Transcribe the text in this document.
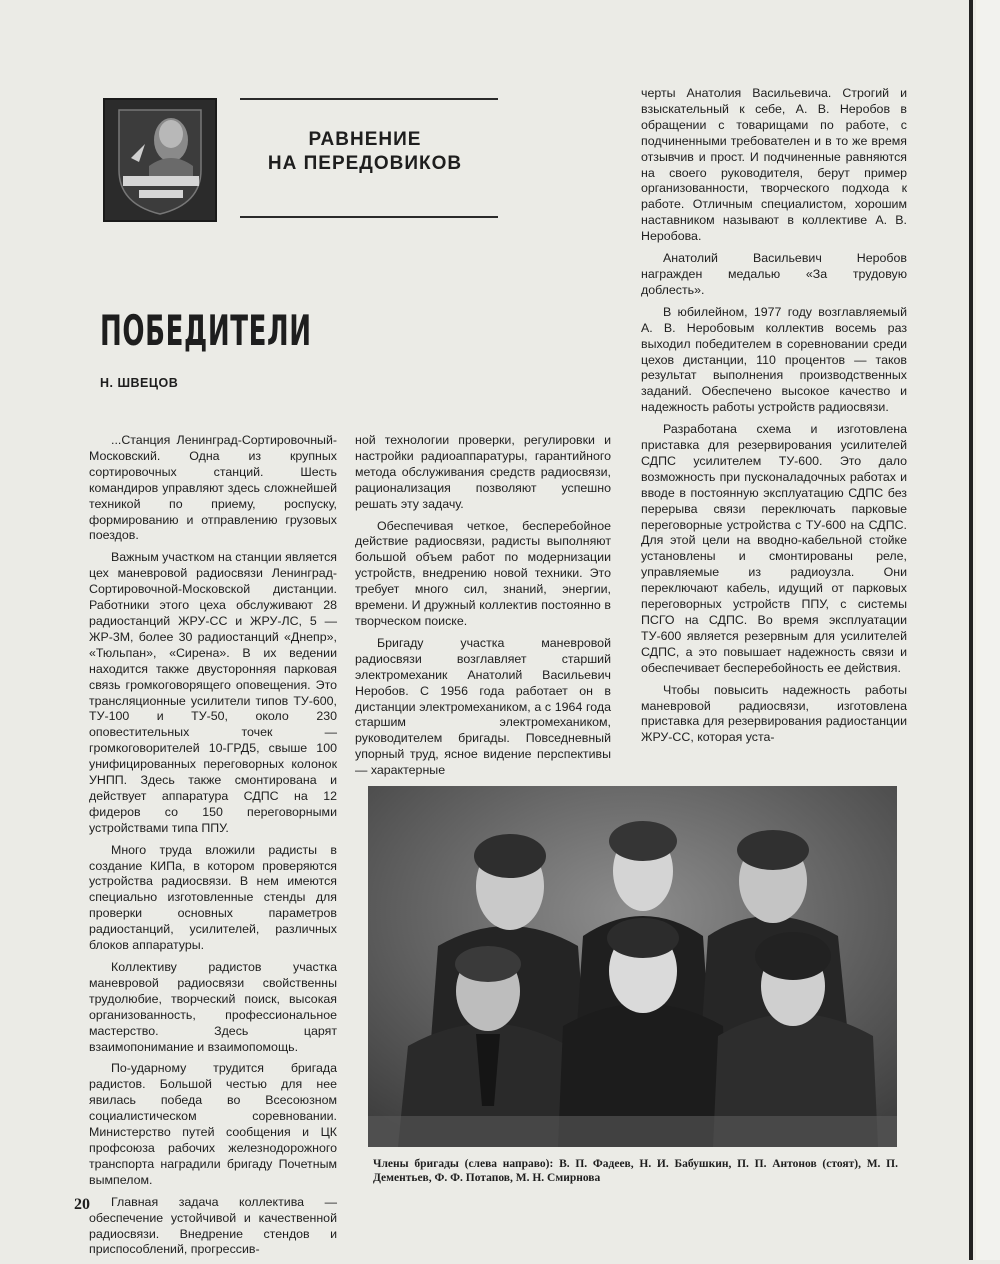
РАВНЕНИЕ
НА ПЕРЕДОВИКОВ
ПОБЕДИТЕЛИ
Н. ШВЕЦОВ

...Станция Ленинград-Сортировочный-Московский. Одна из крупных сортировочных станций. Шесть командиров управляют здесь сложнейшей техникой по приему, роспуску, формированию и отправлению грузовых поездов.

Важным участком на станции является цех маневровой радиосвязи Ленинград-Сортировочной-Московской дистанции. Работники этого цеха обслуживают 28 радиостанций ЖРУ-СС и ЖРУ-ЛС, 5 — ЖР-3М, более 30 радиостанций «Днепр», «Тюльпан», «Сирена». В их ведении находится также двусторонняя парковая связь громкоговорящего оповещения. Это трансляционные усилители типов ТУ-600, ТУ-100 и ТУ-50, около 230 оповестительных точек — громкоговорителей 10-ГРД5, свыше 100 унифицированных переговорных колонок УНПП. Здесь также смонтирована и действует аппаратура СДПС на 12 фидеров со 150 переговорными устройствами типа ППУ.

Много труда вложили радисты в создание КИПа, в котором проверяются устройства радиосвязи. В нем имеются специально изготовленные стенды для проверки основных параметров радиостанций, усилителей, различных блоков аппаратуры.

Коллективу радистов участка маневровой радиосвязи свойственны трудолюбие, творческий поиск, высокая организованность, профессиональное мастерство. Здесь царят взаимопонимание и взаимопомощь.

По-ударному трудится бригада радистов. Большой честью для нее явилась победа во Всесоюзном социалистическом соревновании. Министерство путей сообщения и ЦК профсоюза рабочих железнодорожного транспорта наградили бригаду Почетным вымпелом.

Главная задача коллектива — обеспечение устойчивой и качественной радиосвязи. Внедрение стендов и приспособлений, прогрессив-

ной технологии проверки, регулировки и настройки радиоаппаратуры, гарантийного метода обслуживания средств радиосвязи, рационализация позволяют успешно решать эту задачу.

Обеспечивая четкое, бесперебойное действие радиосвязи, радисты выполняют большой объем работ по модернизации устройств, внедрению новой техники. Это требует много сил, знаний, энергии, времени. И дружный коллектив постоянно в творческом поиске.

Бригаду участка маневровой радиосвязи возглавляет старший электромеханик Анатолий Васильевич Неробов. С 1956 года работает он в дистанции электромехаником, а с 1964 года старшим электромехаником, руководителем бригады. Повседневный упорный труд, ясное видение перспективы — характерные

черты Анатолия Васильевича. Строгий и взыскательный к себе, А. В. Неробов в обращении с товарищами по работе, с подчиненными требователен и в то же время отзывчив и прост. И подчиненные равняются на своего руководителя, берут пример организованности, творческого подхода к работе. Отличным специалистом, хорошим наставником называют в коллективе А. В. Неробова.

Анатолий Васильевич Неробов награжден медалью «За трудовую доблесть».

В юбилейном, 1977 году возглавляемый А. В. Неробовым коллектив восемь раз выходил победителем в соревновании среди цехов дистанции, 110 процентов — таков результат выполнения производственных заданий. Обеспечено высокое качество и надежность работы устройств радиосвязи.

Разработана схема и изготовлена приставка для резервирования усилителей СДПС усилителем ТУ-600. Это дало возможность при пусконаладочных работах и вводе в постоянную эксплуатацию СДПС без перерыва связи переключать парковые переговорные устройства с ТУ-600 на СДПС. Для этой цели на вводно-кабельной стойке установлены и смонтированы реле, управляемые из радиоузла. Они переключают кабель, идущий от парковых переговорных устройств ППУ, с системы ПСГО на СДПС. Во время эксплуатации ТУ-600 является резервным для усилителей СДПС, а это повышает надежность связи и обеспечивает бесперебойность ее действия.

Чтобы повысить надежность работы маневровой радиосвязи, изготовлена приставка для резервирования радиостанции ЖРУ-СС, которая уста-

Члены бригады (слева направо): В. П. Фадеев, Н. И. Бабушкин, П. П. Антонов (стоят), М. П. Дементьев, Ф. Ф. Потапов, М. Н. Смирнова
20
